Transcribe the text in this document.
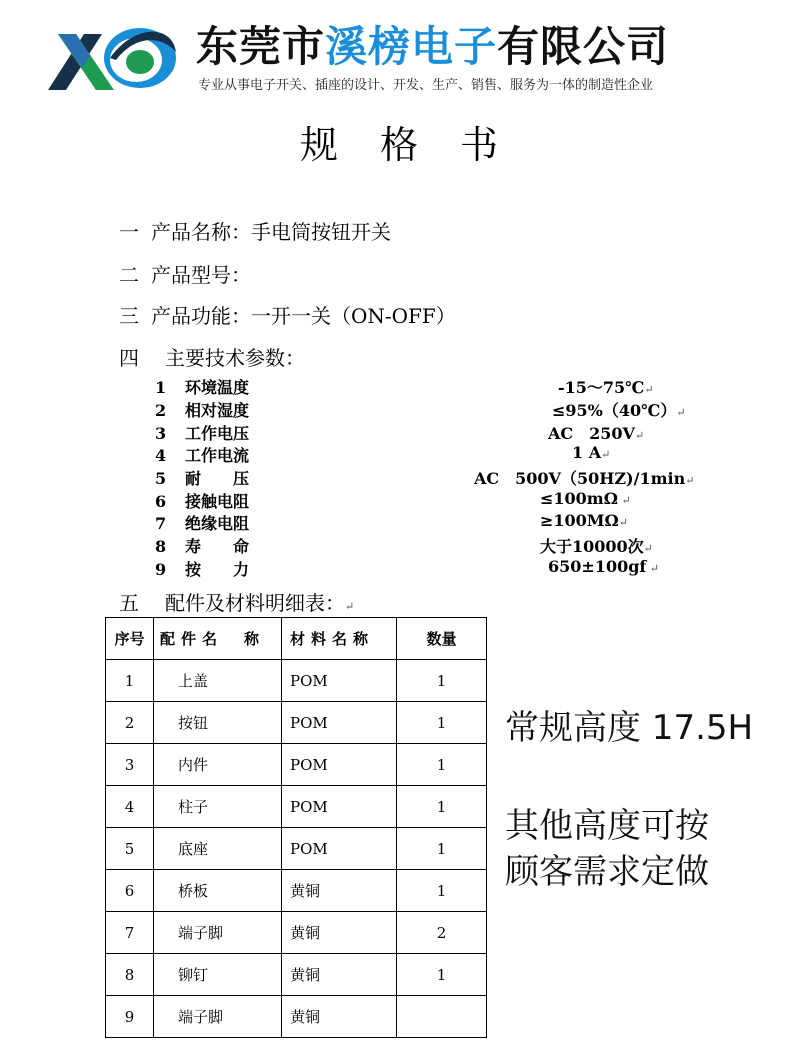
东莞市溪榜电子有限公司
专业从事电子开关、插座的设计、开发、生产、销售、服务为一体的制造性企业
规格书
一 产品名称：手电筒按钮开关
二 产品型号：
三 产品功能：一开一关（ON-OFF）
四 主要技术参数：
1 环境温度	-15～75℃↵
2 相对湿度	≤95%（40℃）↵
3 工作电压	AC　250V↵
4 工作电流	1 A↵
5 耐　　压	AC　500V（50HZ)/1min↵
6 接触电阻	≤100mΩ ↵
7 绝缘电阻	≥100MΩ↵
8 寿　　命	大于10000次↵
9 按　　力	650±100gf ↵
五 配件及材料明细表：↵
序号	配件名　称	材料名称	数量
1	上盖	POM	1
2	按钮	POM	1
3	内件	POM	1
4	柱子	POM	1
5	底座	POM	1
6	桥板	黄铜	1
7	端子脚	黄铜	2
8	铆钉	黄铜	1
9	端子脚	黄铜	
常规高度 17.5H
其他高度可按
顾客需求定做
